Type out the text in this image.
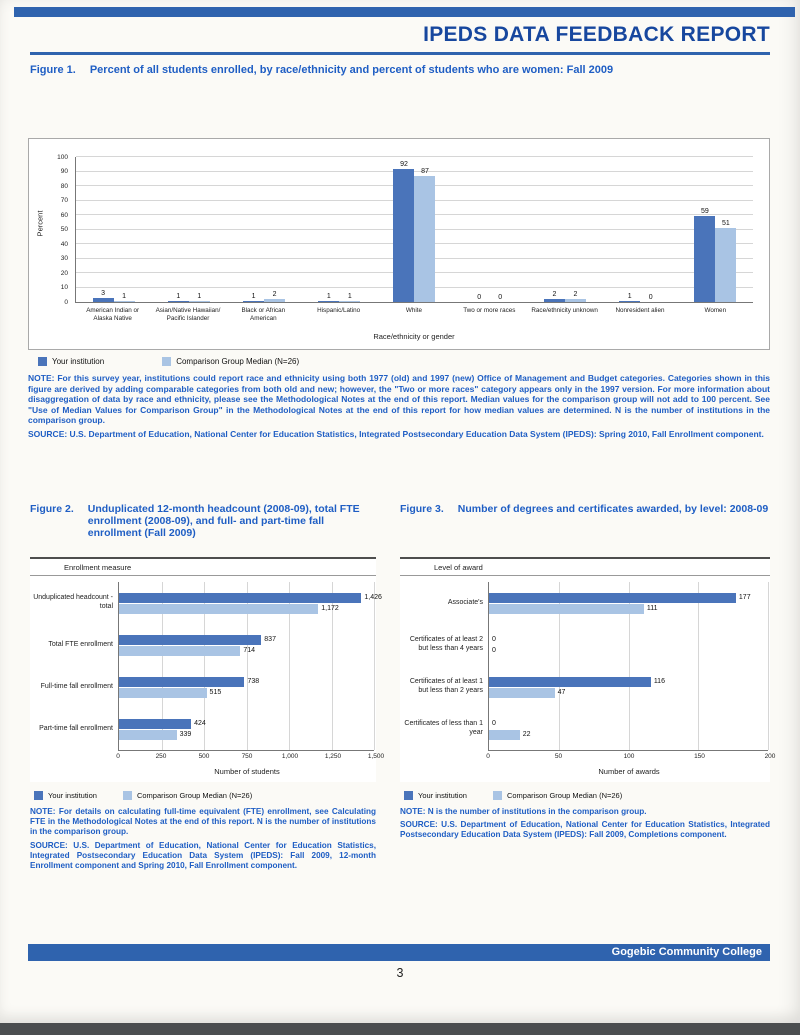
IPEDS DATA FEEDBACK REPORT
Figure 1. Percent of all students enrolled, by race/ethnicity and percent of students who are women: Fall 2009
Percent
0
10
20
30
40
50
60
70
80
90
100
3 1	1 1	1 2	1 1
92
87
0 0	2 2	1 0
59
51
American Indian or Alaska Native
Asian/Native Hawaiian/ Pacific Islander
Black or African American
Hispanic/Latino	White	Two or more races	Race/ethnicity unknown	Nonresident alien	Women
Race/ethnicity or gender
Your institution	Comparison Group Median (N=26)

NOTE: For this survey year, institutions could report race and ethnicity using both 1977 (old) and 1997 (new) Office of Management and Budget categories. Categories shown in this figure are derived by adding comparable categories from both old and new; however, the "Two or more races" category appears only in the 1997 version. For more information about disaggregation of data by race and ethnicity, please see the Methodological Notes at the end of this report. Median values for the comparison group will not add to 100 percent. See "Use of Median Values for Comparison Group" in the Methodological Notes at the end of this report for how median values are determined. N is the number of institutions in the comparison group.

SOURCE: U.S. Department of Education, National Center for Education Statistics, Integrated Postsecondary Education Data System (IPEDS): Spring 2010, Fall Enrollment component.

Figure 2. Unduplicated 12-month headcount (2008-09), total FTE enrollment (2008-09), and full- and part-time fall enrollment (Fall 2009)
Enrollment measure
Unduplicated headcount - total
Total FTE enrollment
Full-time fall enrollment
Part-time fall enrollment
1,426
1,172
837
714
738
515
424
339
0	250	500	750	1,000	1,250	1,500
Number of students
Your institution	Comparison Group Median (N=26)

NOTE: For details on calculating full-time equivalent (FTE) enrollment, see Calculating FTE in the Methodological Notes at the end of this report. N is the number of institutions in the comparison group.

SOURCE: U.S. Department of Education, National Center for Education Statistics, Integrated Postsecondary Education Data System (IPEDS): Fall 2009, 12-month Enrollment component and Spring 2010, Fall Enrollment component.

Figure 3. Number of degrees and certificates awarded, by level: 2008-09
Level of award
Associate's
Certificates of at least 2 but less than 4 years
Certificates of at least 1 but less than 2 years
Certificates of less than 1 year
177
111
0
0
116
47
0
22
0	50	100	150	200
Number of awards
Your institution	Comparison Group Median (N=26)

NOTE: N is the number of institutions in the comparison group.

SOURCE: U.S. Department of Education, National Center for Education Statistics, Integrated Postsecondary Education Data System (IPEDS): Fall 2009, Completions component.

Gogebic Community College
3
